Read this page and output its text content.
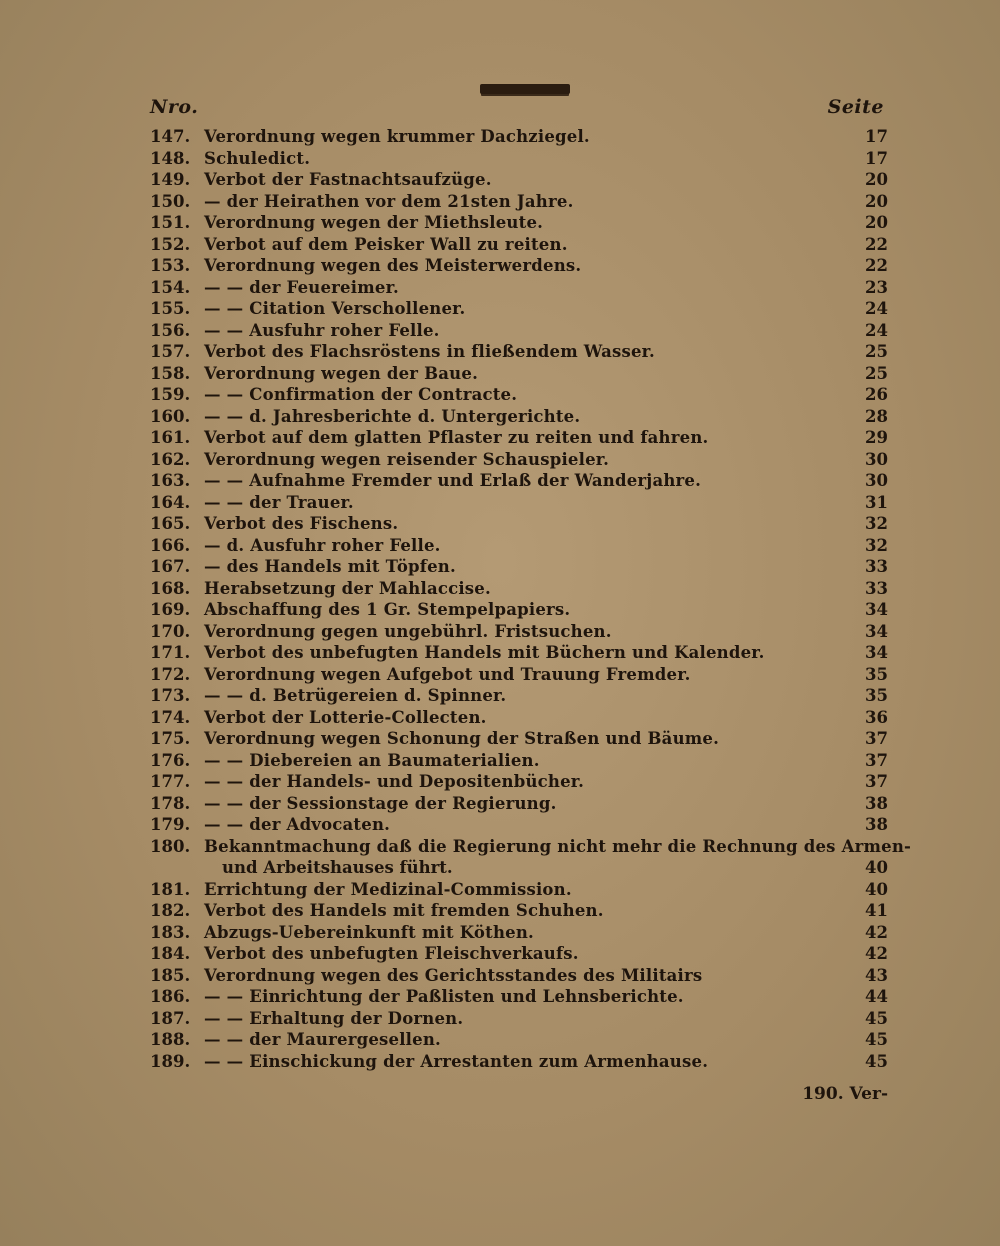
Nro.	Seite
147. Verordnung wegen krummer Dachziegel.	17
148. Schuledict.	17
149. Verbot der Fastnachtsaufzüge.	20
150. — der Heirathen vor dem 21sten Jahre.	20
151. Verordnung wegen der Miethsleute.	20
152. Verbot auf dem Peisker Wall zu reiten.	22
153. Verordnung wegen des Meisterwerdens.	22
154. — — der Feuereimer.	23
155. — — Citation Verschollener.	24
156. — — Ausfuhr roher Felle.	24
157. Verbot des Flachsröstens in fließendem Wasser.	25
158. Verordnung wegen der Baue.	25
159. — — Confirmation der Contracte.	26
160. — — d. Jahresberichte d. Untergerichte.	28
161. Verbot auf dem glatten Pflaster zu reiten und fahren.	29
162. Verordnung wegen reisender Schauspieler.	30
163. — — Aufnahme Fremder und Erlaß der Wanderjahre.	30
164. — — der Trauer.	31
165. Verbot des Fischens.	32
166. — d. Ausfuhr roher Felle.	32
167. — des Handels mit Töpfen.	33
168. Herabsetzung der Mahlaccise.	33
169. Abschaffung des 1 Gr. Stempelpapiers.	34
170. Verordnung gegen ungebührl. Fristsuchen.	34
171. Verbot des unbefugten Handels mit Büchern und Kalender.	34
172. Verordnung wegen Aufgebot und Trauung Fremder.	35
173. — — d. Betrügereien d. Spinner.	35
174. Verbot der Lotterie-Collecten.	36
175. Verordnung wegen Schonung der Straßen und Bäume.	37
176. — — Diebereien an Baumaterialien.	37
177. — — der Handels- und Depositenbücher.	37
178. — — der Sessionstage der Regierung.	38
179. — — der Advocaten.	38
180. Bekanntmachung daß die Regierung nicht mehr die Rechnung des Armen-
und Arbeitshauses führt.	40
181. Errichtung der Medizinal-Commission.	40
182. Verbot des Handels mit fremden Schuhen.	41
183. Abzugs-Uebereinkunft mit Köthen.	42
184. Verbot des unbefugten Fleischverkaufs.	42
185. Verordnung wegen des Gerichtsstandes des Militairs	43
186. — — Einrichtung der Paßlisten und Lehnsberichte.	44
187. — — Erhaltung der Dornen.	45
188. — — der Maurergesellen.	45
189. — — Einschickung der Arrestanten zum Armenhause.	45
190. Ver-
